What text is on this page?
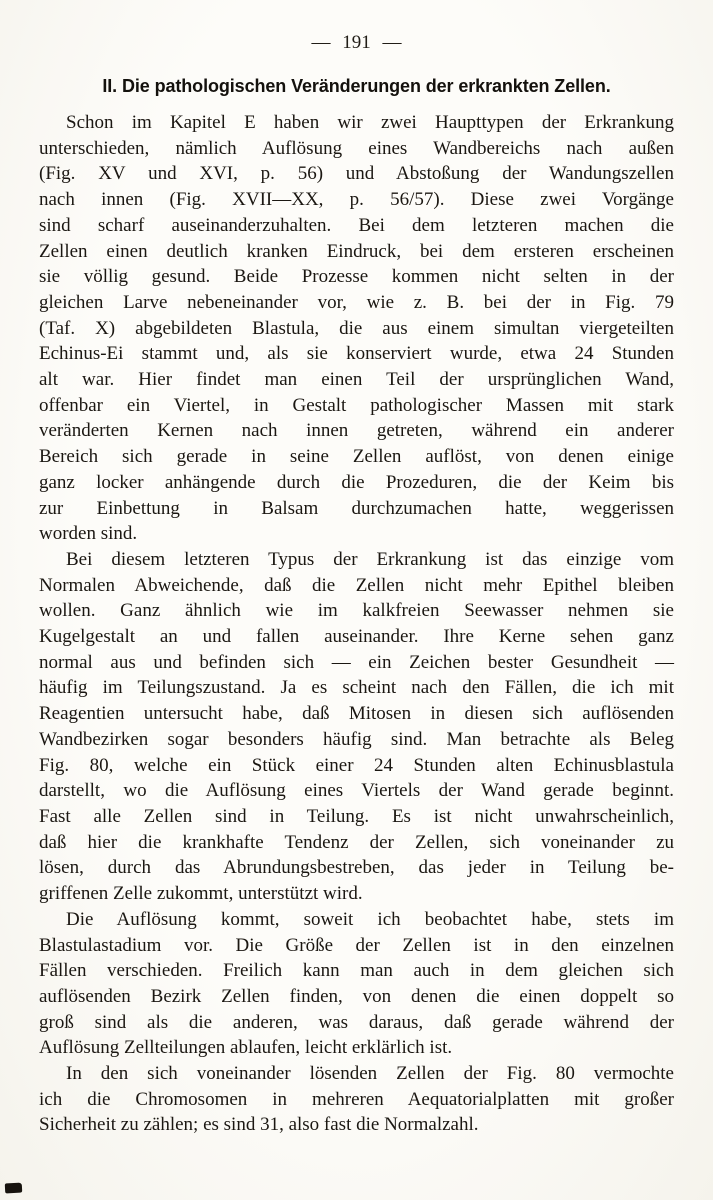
— 191 —
II. Die pathologischen Veränderungen der erkrankten Zellen.

Schon im Kapitel E haben wir zwei Haupttypen der Erkrankung
unterschieden, nämlich Auflösung eines Wandbereichs nach außen
(Fig. XV und XVI, p. 56) und Abstoßung der Wandungszellen
nach innen (Fig. XVII—XX, p. 56/57). Diese zwei Vorgänge
sind scharf auseinanderzuhalten. Bei dem letzteren machen die
Zellen einen deutlich kranken Eindruck, bei dem ersteren erscheinen
sie völlig gesund. Beide Prozesse kommen nicht selten in der
gleichen Larve nebeneinander vor, wie z. B. bei der in Fig. 79
(Taf. X) abgebildeten Blastula, die aus einem simultan viergeteilten
Echinus-Ei stammt und, als sie konserviert wurde, etwa 24 Stunden
alt war. Hier findet man einen Teil der ursprünglichen Wand,
offenbar ein Viertel, in Gestalt pathologischer Massen mit stark
veränderten Kernen nach innen getreten, während ein anderer
Bereich sich gerade in seine Zellen auflöst, von denen einige
ganz locker anhängende durch die Prozeduren, die der Keim bis
zur Einbettung in Balsam durchzumachen hatte, weggerissen
worden sind.

Bei diesem letzteren Typus der Erkrankung ist das einzige vom
Normalen Abweichende, daß die Zellen nicht mehr Epithel bleiben
wollen. Ganz ähnlich wie im kalkfreien Seewasser nehmen sie
Kugelgestalt an und fallen auseinander. Ihre Kerne sehen ganz
normal aus und befinden sich — ein Zeichen bester Gesundheit —
häufig im Teilungszustand. Ja es scheint nach den Fällen, die ich mit
Reagentien untersucht habe, daß Mitosen in diesen sich auflösenden
Wandbezirken sogar besonders häufig sind. Man betrachte als Beleg
Fig. 80, welche ein Stück einer 24 Stunden alten Echinusblastula
darstellt, wo die Auflösung eines Viertels der Wand gerade beginnt.
Fast alle Zellen sind in Teilung. Es ist nicht unwahrscheinlich,
daß hier die krankhafte Tendenz der Zellen, sich voneinander zu
lösen, durch das Abrundungsbestreben, das jeder in Teilung be-
griffenen Zelle zukommt, unterstützt wird.

Die Auflösung kommt, soweit ich beobachtet habe, stets im
Blastulastadium vor. Die Größe der Zellen ist in den einzelnen
Fällen verschieden. Freilich kann man auch in dem gleichen sich
auflösenden Bezirk Zellen finden, von denen die einen doppelt so
groß sind als die anderen, was daraus, daß gerade während der
Auflösung Zellteilungen ablaufen, leicht erklärlich ist.

In den sich voneinander lösenden Zellen der Fig. 80 vermochte
ich die Chromosomen in mehreren Aequatorialplatten mit großer
Sicherheit zu zählen; es sind 31, also fast die Normalzahl.
